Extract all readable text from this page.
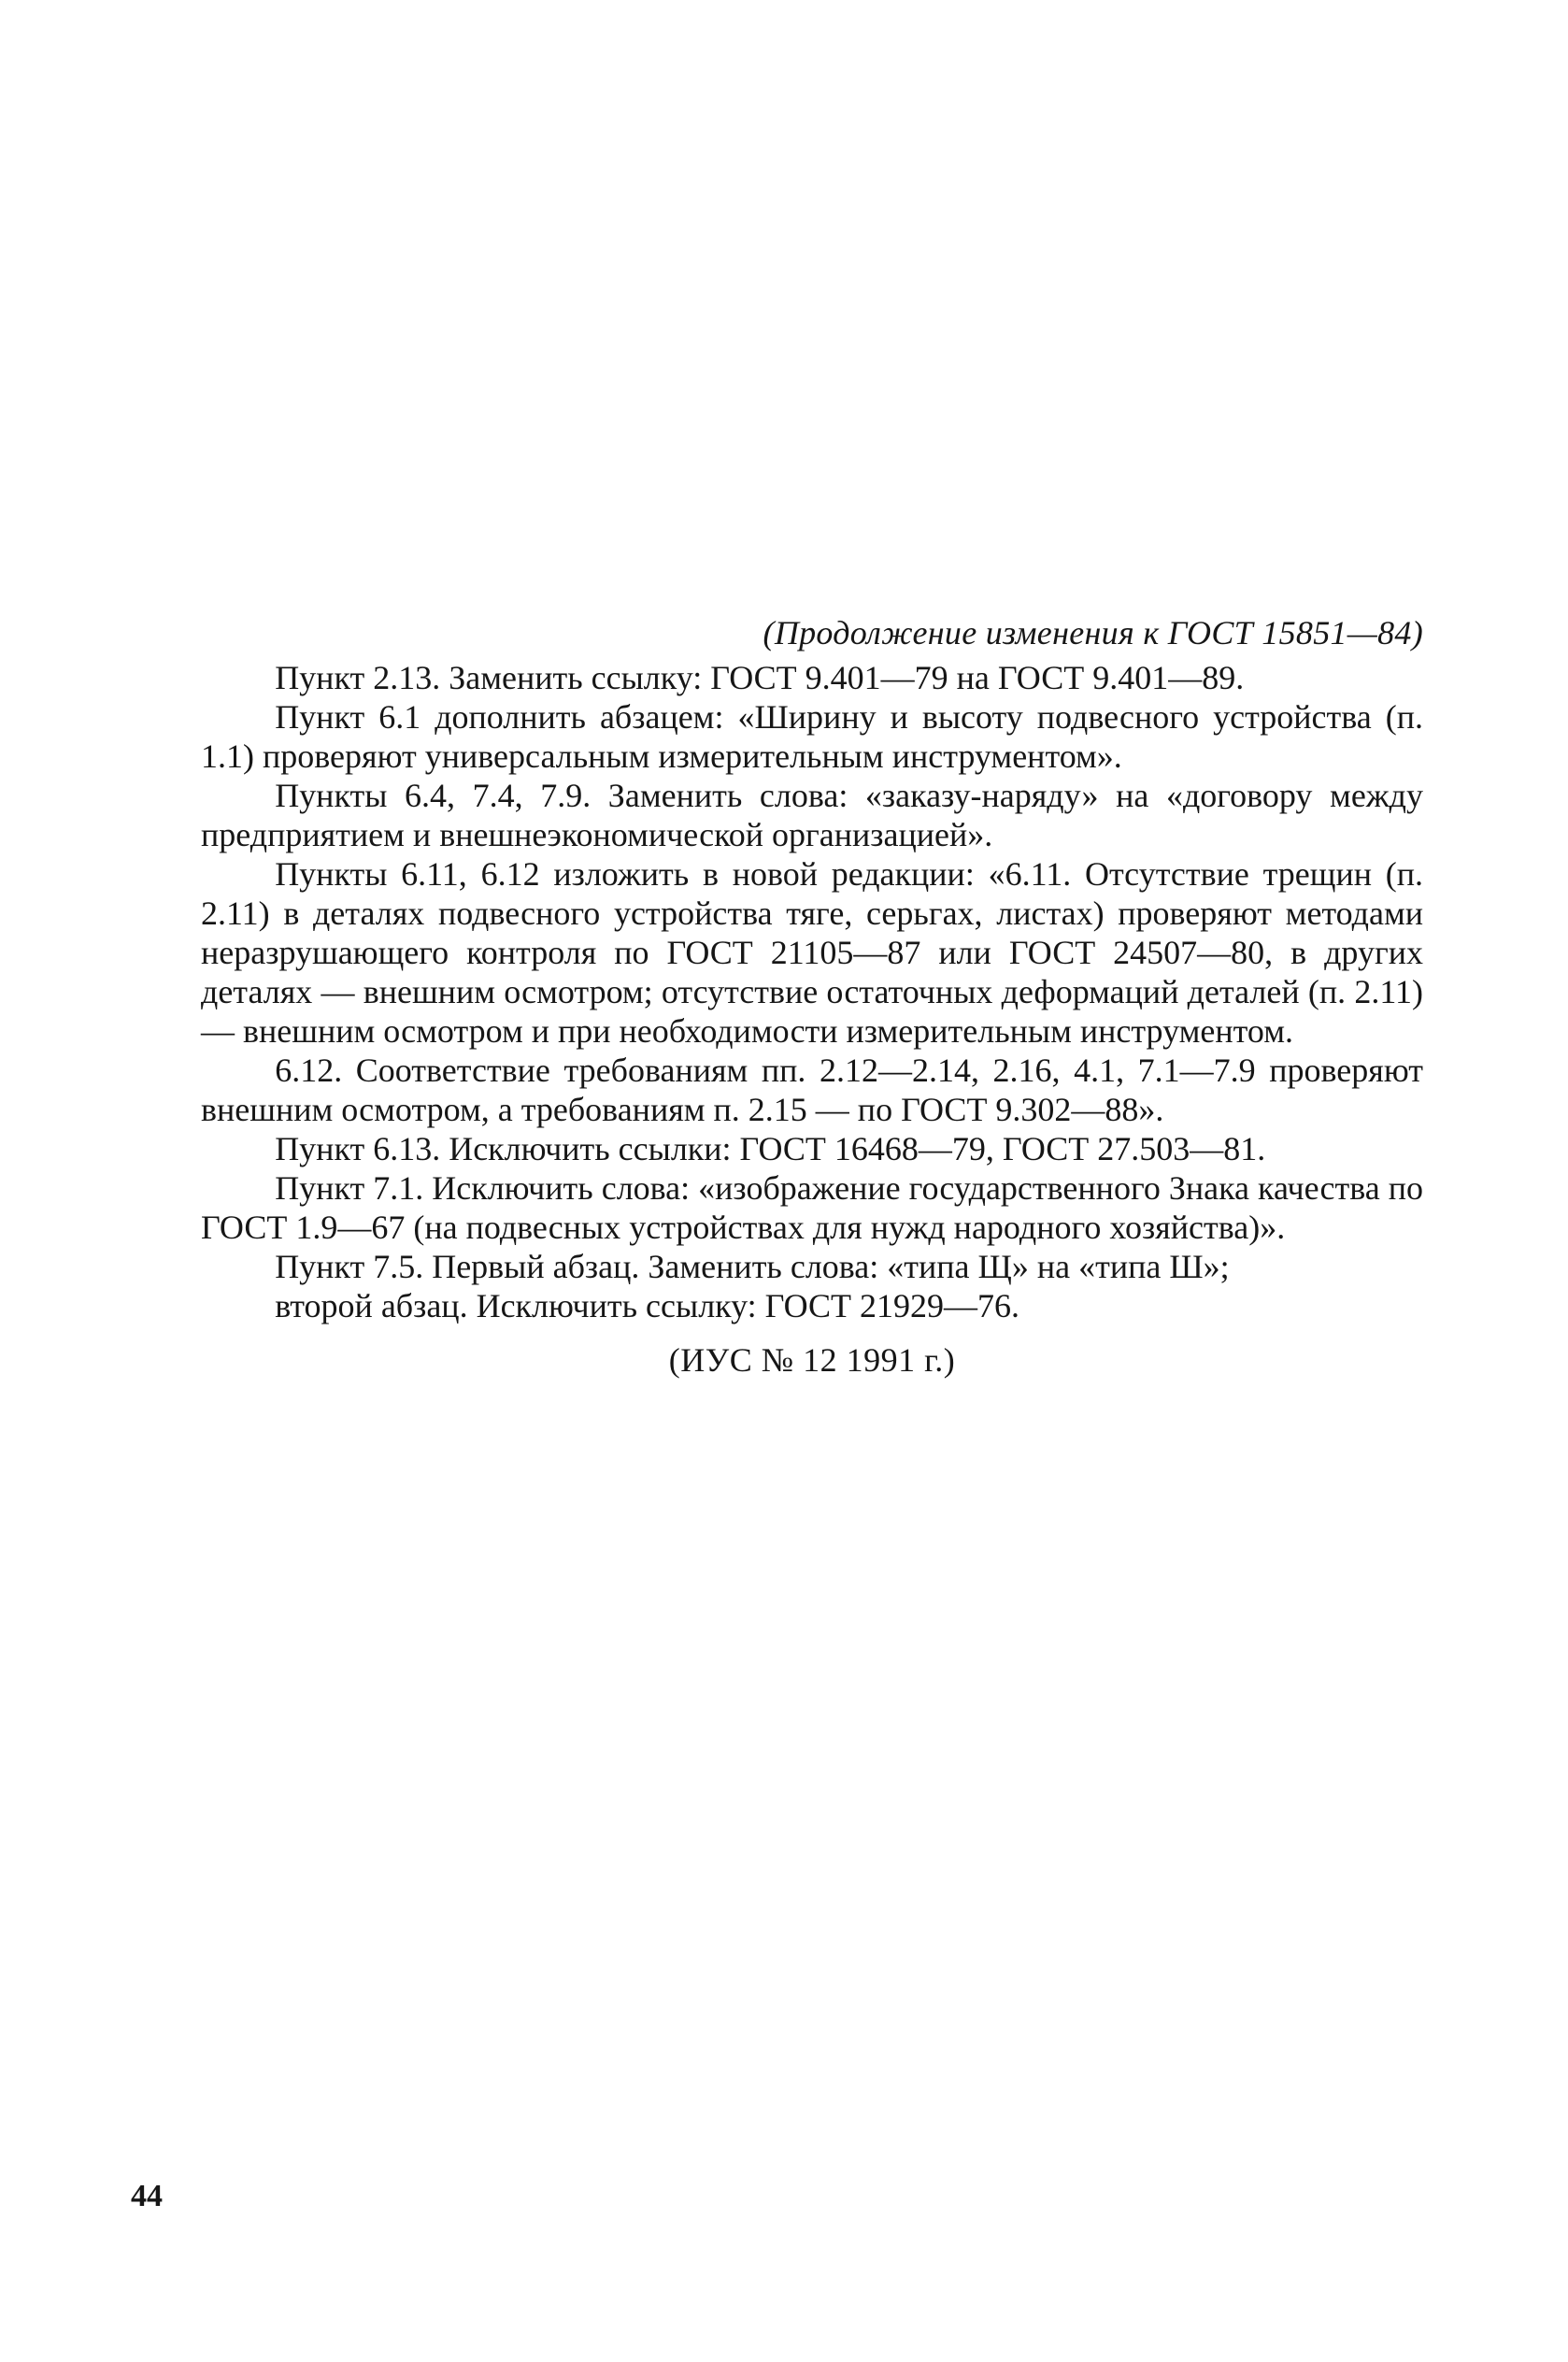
(Продолжение изменения к ГОСТ 15851—84)

Пункт 2.13. Заменить ссылку: ГОСТ 9.401—79 на ГОСТ 9.401—89.

Пункт 6.1 дополнить абзацем: «Ширину и высоту подвесного устройства (п. 1.1) проверяют универсальным измерительным инструментом».

Пункты 6.4, 7.4, 7.9. Заменить слова: «заказу-наряду» на «договору между предприятием и внешнеэкономической организацией».

Пункты 6.11, 6.12 изложить в новой редакции: «6.11. Отсутствие трещин (п. 2.11) в деталях подвесного устройства тяге, серьгах, листах) проверяют методами неразрушающего контроля по ГОСТ 21105—87 или ГОСТ 24507—80, в других деталях — внешним осмотром; отсутствие остаточных деформаций деталей (п. 2.11) — внешним осмотром и при необходимости измерительным инструментом.

6.12. Соответствие требованиям пп. 2.12—2.14, 2.16, 4.1, 7.1—7.9 проверяют внешним осмотром, а требованиям п. 2.15 — по ГОСТ 9.302—88».

Пункт 6.13. Исключить ссылки: ГОСТ 16468—79, ГОСТ 27.503—81.

Пункт 7.1. Исключить слова: «изображение государственного Знака качества по ГОСТ 1.9—67 (на подвесных устройствах для нужд народного хозяйства)».

Пункт 7.5. Первый абзац. Заменить слова: «типа Щ» на «типа Ш»;

второй абзац. Исключить ссылку: ГОСТ 21929—76.

(ИУС № 12 1991 г.)
44
